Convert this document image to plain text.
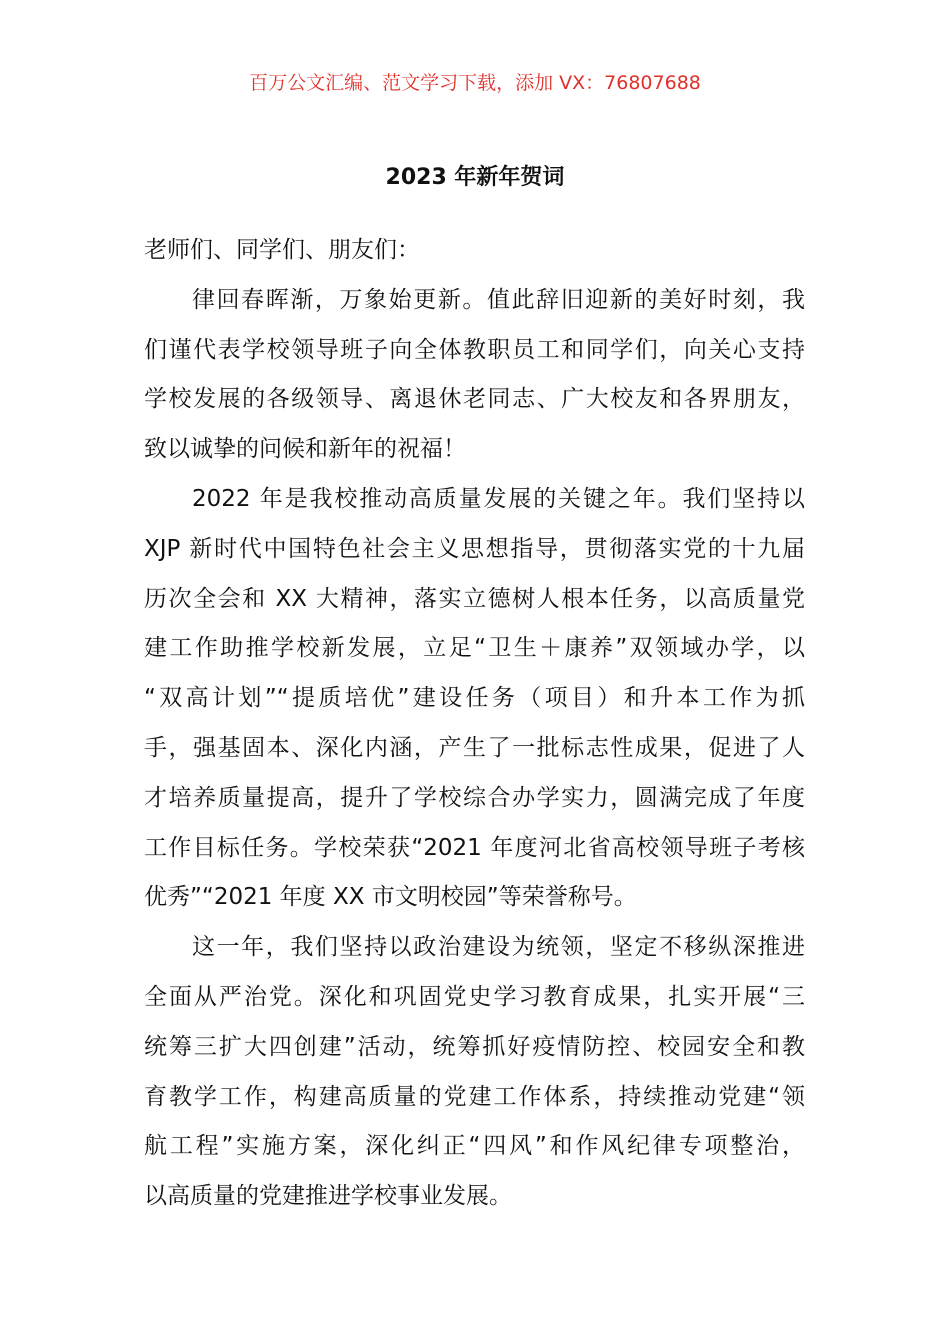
百万公文汇编、范文学习下载，添加 VX：76807688
2023 年新年贺词
老师们、同学们、朋友们：
律回春晖渐，万象始更新。值此辞旧迎新的美好时刻，我
们谨代表学校领导班子向全体教职员工和同学们，向关心支持
学校发展的各级领导、离退休老同志、广大校友和各界朋友，
致以诚挚的问候和新年的祝福！
2022 年是我校推动高质量发展的关键之年。我们坚持以
XJP 新时代中国特色社会主义思想指导，贯彻落实党的十九届
历次全会和 XX 大精神，落实立德树人根本任务，以高质量党
建工作助推学校新发展，立足“卫生＋康养”双领域办学，以
“双高计划”“提质培优”建设任务（项目）和升本工作为抓
手，强基固本、深化内涵，产生了一批标志性成果，促进了人
才培养质量提高，提升了学校综合办学实力，圆满完成了年度
工作目标任务。学校荣获“2021 年度河北省高校领导班子考核
优秀”“2021 年度 XX 市文明校园”等荣誉称号。
这一年，我们坚持以政治建设为统领，坚定不移纵深推进
全面从严治党。深化和巩固党史学习教育成果，扎实开展“三
统筹三扩大四创建”活动，统筹抓好疫情防控、校园安全和教
育教学工作，构建高质量的党建工作体系，持续推动党建“领
航工程”实施方案，深化纠正“四风”和作风纪律专项整治，
以高质量的党建推进学校事业发展。
